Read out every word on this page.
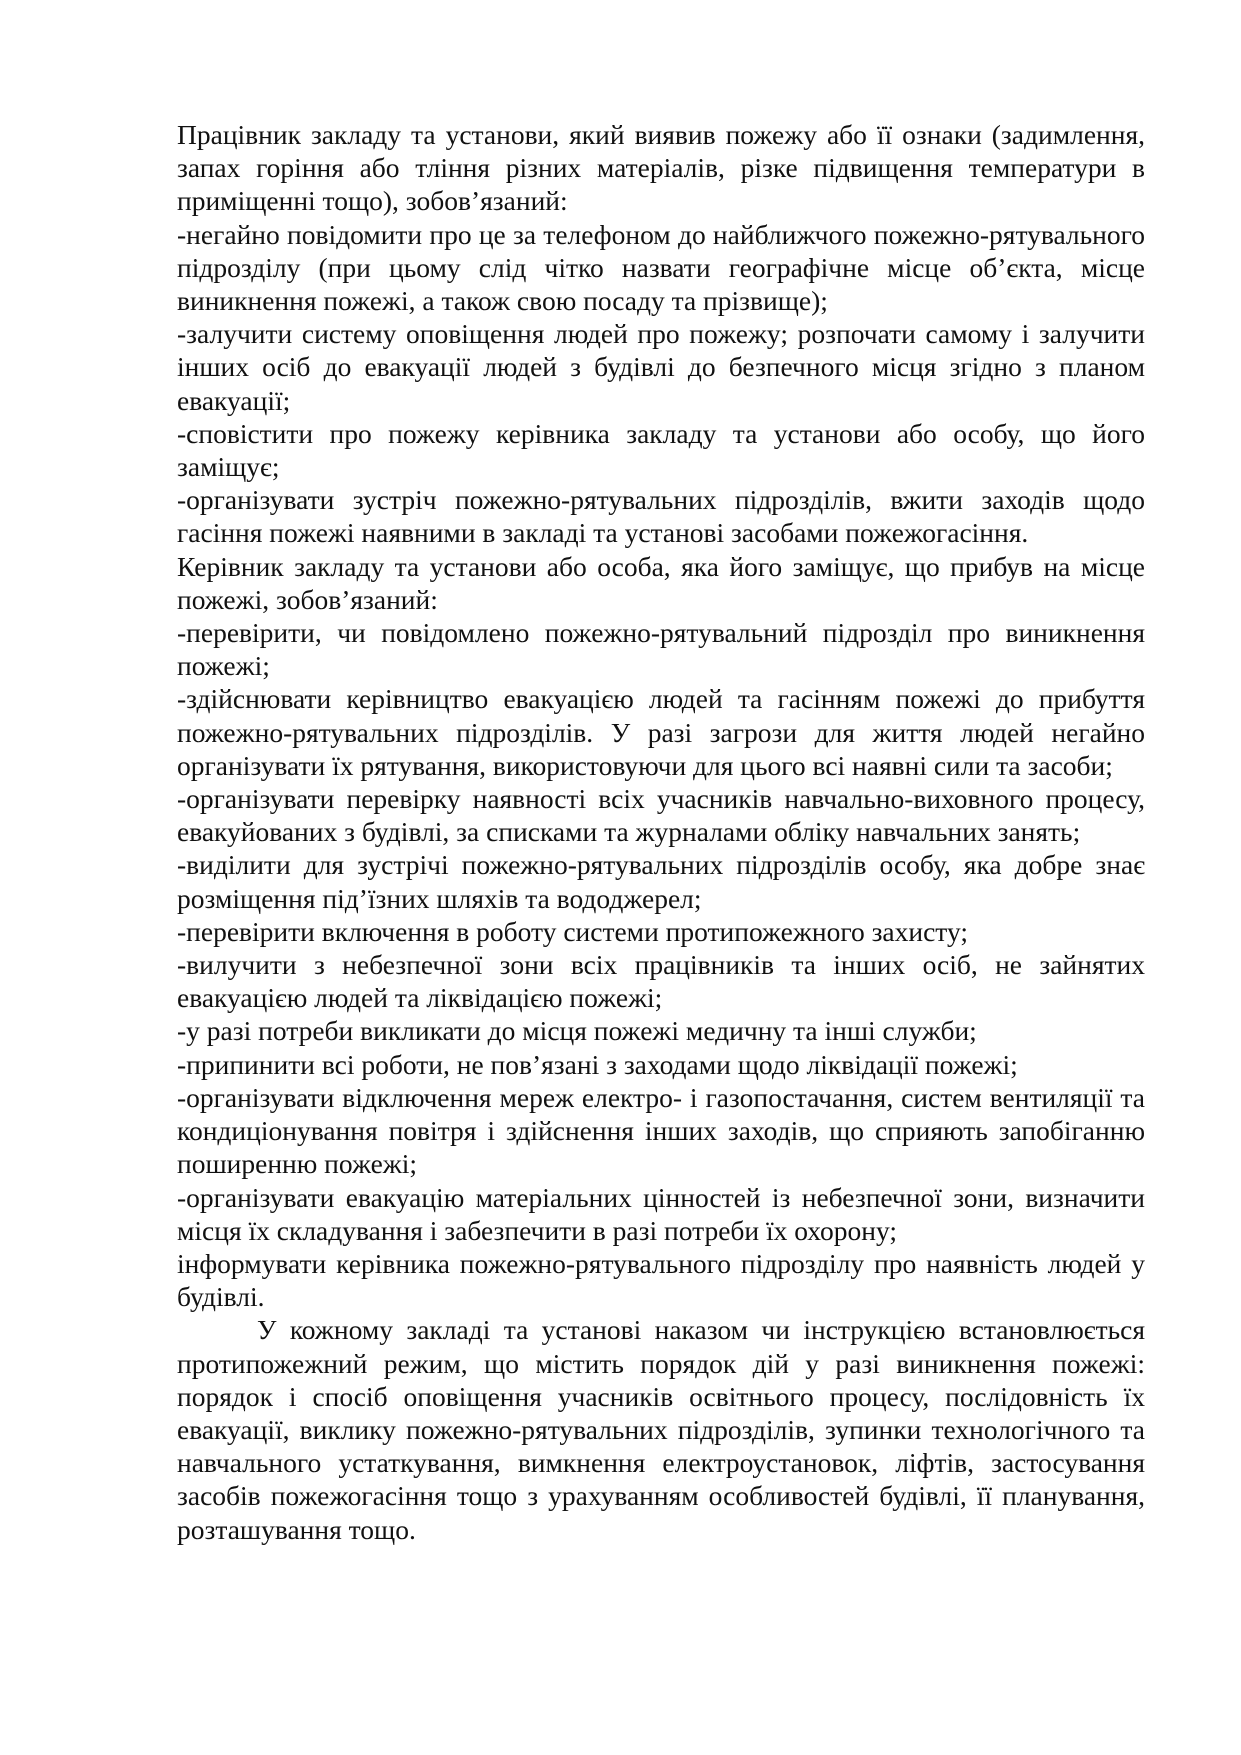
Працівник закладу та установи, який виявив пожежу або її ознаки (задимлення, запах горіння або тління різних матеріалів, різке підвищення температури в приміщенні тощо), зобов’язаний:

-негайно повідомити про це за телефоном до найближчого пожежно-рятувального підрозділу (при цьому слід чітко назвати географічне місце об’єкта, місце виникнення пожежі, а також свою посаду та прізвище);

-залучити систему оповіщення людей про пожежу; розпочати самому і залучити інших осіб до евакуації людей з будівлі до безпечного місця згідно з планом евакуації;

-сповістити про пожежу керівника закладу та установи або особу, що його заміщує;

-організувати зустріч пожежно-рятувальних підрозділів, вжити заходів щодо гасіння пожежі наявними в закладі та установі засобами пожежогасіння.

Керівник закладу та установи або особа, яка його заміщує, що прибув на місце пожежі, зобов’язаний:

-перевірити, чи повідомлено пожежно-рятувальний підрозділ про виникнення пожежі;

-здійснювати керівництво евакуацією людей та гасінням пожежі до прибуття пожежно-рятувальних підрозділів. У разі загрози для життя людей негайно організувати їх рятування, використовуючи для цього всі наявні сили та засоби;

-організувати перевірку наявності всіх учасників навчально-виховного процесу, евакуйованих з будівлі, за списками та журналами обліку навчальних занять;

-виділити для зустрічі пожежно-рятувальних підрозділів особу, яка добре знає розміщення під’їзних шляхів та вододжерел;

-перевірити включення в роботу системи протипожежного захисту;

-вилучити з небезпечної зони всіх працівників та інших осіб, не зайнятих евакуацією людей та ліквідацією пожежі;

-у разі потреби викликати до місця пожежі медичну та інші служби;

-припинити всі роботи, не пов’язані з заходами щодо ліквідації пожежі;

-організувати відключення мереж електро- і газопостачання, систем вентиляції та кондиціонування повітря і здійснення інших заходів, що сприяють запобіганню поширенню пожежі;

-організувати евакуацію матеріальних цінностей із небезпечної зони, визначити місця їх складування і забезпечити в разі потреби їх охорону;

інформувати керівника пожежно-рятувального підрозділу про наявність людей у будівлі.

У кожному закладі та установі наказом чи інструкцією встановлюється протипожежний режим, що містить порядок дій у разі виникнення пожежі: порядок і спосіб оповіщення учасників освітнього процесу, послідовність їх евакуації, виклику пожежно-рятувальних підрозділів, зупинки технологічного та навчального устаткування, вимкнення електроустановок, ліфтів, застосування засобів пожежогасіння тощо з урахуванням особливостей будівлі, її планування, розташування тощо.
